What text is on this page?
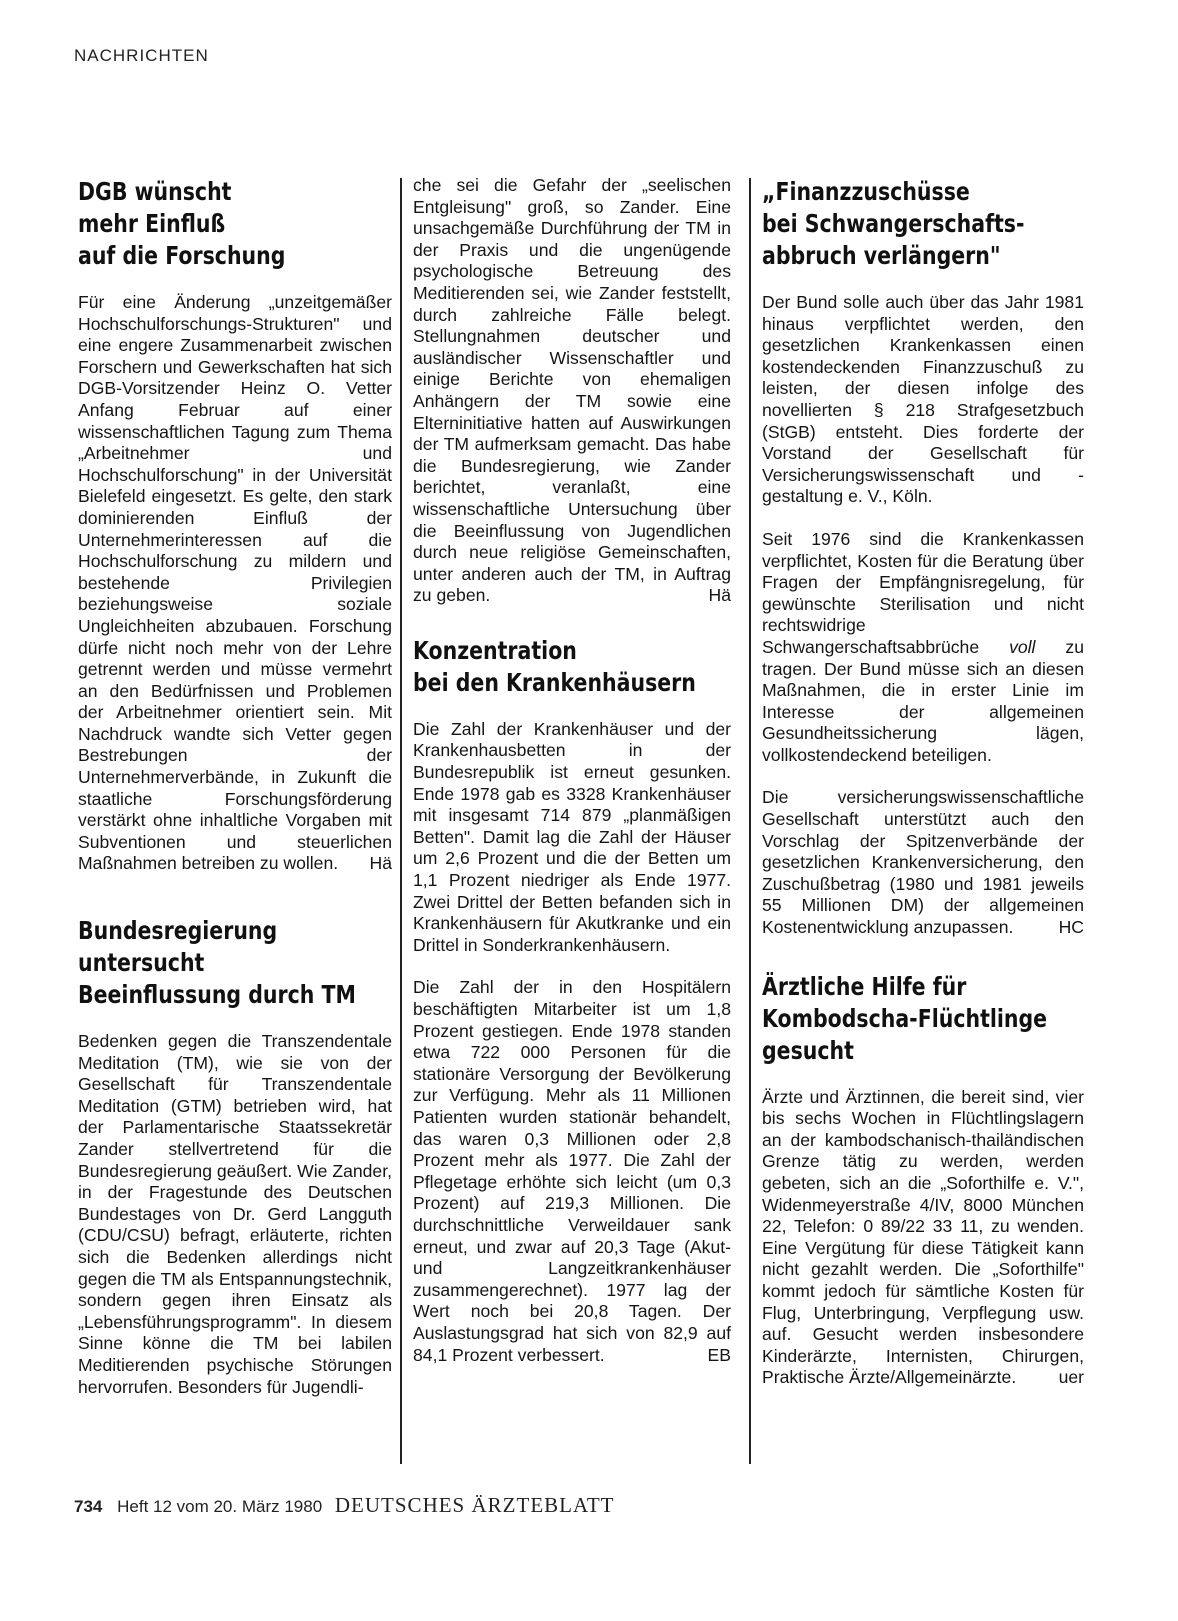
NACHRICHTEN
DGB wünscht
mehr Einfluß
auf die Forschung

Für eine Änderung „unzeitgemäßer Hochschulforschungs-Strukturen" und eine engere Zusammenarbeit zwischen Forschern und Gewerkschaften hat sich DGB-Vorsitzender Heinz O. Vetter Anfang Februar auf einer wissenschaftlichen Tagung zum Thema „Arbeitnehmer und Hochschulforschung" in der Universität Bielefeld eingesetzt. Es gelte, den stark dominierenden Einfluß der Unternehmerinteressen auf die Hochschulforschung zu mildern und bestehende Privilegien beziehungsweise soziale Ungleichheiten abzubauen. Forschung dürfe nicht noch mehr von der Lehre getrennt werden und müsse vermehrt an den Bedürfnissen und Problemen der Arbeitnehmer orientiert sein. Mit Nachdruck wandte sich Vetter gegen Bestrebungen der Unternehmerverbände, in Zukunft die staatliche Forschungsförderung verstärkt ohne inhaltliche Vorgaben mit Subventionen und steuerlichen Maßnahmen betreiben zu wollen.	Hä

Bundesregierung
untersucht
Beeinflussung durch TM

Bedenken gegen die Transzendentale Meditation (TM), wie sie von der Gesellschaft für Transzendentale Meditation (GTM) betrieben wird, hat der Parlamentarische Staatssekretär Zander stellvertretend für die Bundesregierung geäußert. Wie Zander, in der Fragestunde des Deutschen Bundestages von Dr. Gerd Langguth (CDU/CSU) befragt, erläuterte, richten sich die Bedenken allerdings nicht gegen die TM als Entspannungstechnik, sondern gegen ihren Einsatz als „Lebensführungsprogramm". In diesem Sinne könne die TM bei labilen Meditierenden psychische Störungen hervorrufen. Besonders für Jugendli-

che sei die Gefahr der „seelischen Entgleisung" groß, so Zander. Eine unsachgemäße Durchführung der TM in der Praxis und die ungenügende psychologische Betreuung des Meditierenden sei, wie Zander feststellt, durch zahlreiche Fälle belegt. Stellungnahmen deutscher und ausländischer Wissenschaftler und einige Berichte von ehemaligen Anhängern der TM sowie eine Elterninitiative hatten auf Auswirkungen der TM aufmerksam gemacht. Das habe die Bundesregierung, wie Zander berichtet, veranlaßt, eine wissenschaftliche Untersuchung über die Beeinflussung von Jugendlichen durch neue religiöse Gemeinschaften, unter anderen auch der TM, in Auftrag zu geben.	Hä

Konzentration
bei den Krankenhäusern

Die Zahl der Krankenhäuser und der Krankenhausbetten in der Bundesrepublik ist erneut gesunken. Ende 1978 gab es 3328 Krankenhäuser mit insgesamt 714 879 „planmäßigen Betten". Damit lag die Zahl der Häuser um 2,6 Prozent und die der Betten um 1,1 Prozent niedriger als Ende 1977. Zwei Drittel der Betten befanden sich in Krankenhäusern für Akutkranke und ein Drittel in Sonderkrankenhäusern.

Die Zahl der in den Hospitälern beschäftigten Mitarbeiter ist um 1,8 Prozent gestiegen. Ende 1978 standen etwa 722 000 Personen für die stationäre Versorgung der Bevölkerung zur Verfügung. Mehr als 11 Millionen Patienten wurden stationär behandelt, das waren 0,3 Millionen oder 2,8 Prozent mehr als 1977. Die Zahl der Pflegetage erhöhte sich leicht (um 0,3 Prozent) auf 219,3 Millionen. Die durchschnittliche Verweildauer sank erneut, und zwar auf 20,3 Tage (Akut- und Langzeitkrankenhäuser zusammengerechnet). 1977 lag der Wert noch bei 20,8 Tagen. Der Auslastungsgrad hat sich von 82,9 auf 84,1 Prozent verbessert.	EB

„Finanzzuschüsse
bei Schwangerschafts-
abbruch verlängern"

Der Bund solle auch über das Jahr 1981 hinaus verpflichtet werden, den gesetzlichen Krankenkassen einen kostendeckenden Finanzzuschuß zu leisten, der diesen infolge des novellierten § 218 Strafgesetzbuch (StGB) entsteht. Dies forderte der Vorstand der Gesellschaft für Versicherungswissenschaft und -gestaltung e. V., Köln.

Seit 1976 sind die Krankenkassen verpflichtet, Kosten für die Beratung über Fragen der Empfängnisregelung, für gewünschte Sterilisation und nicht rechtswidrige Schwangerschaftsabbrüche voll zu tragen. Der Bund müsse sich an diesen Maßnahmen, die in erster Linie im Interesse der allgemeinen Gesundheitssicherung lägen, vollkostendeckend beteiligen.

Die versicherungswissenschaftliche Gesellschaft unterstützt auch den Vorschlag der Spitzenverbände der gesetzlichen Krankenversicherung, den Zuschußbetrag (1980 und 1981 jeweils 55 Millionen DM) der allgemeinen Kostenentwicklung anzupassen.	HC

Ärztliche Hilfe für
Kombodscha-Flüchtlinge
gesucht

Ärzte und Ärztinnen, die bereit sind, vier bis sechs Wochen in Flüchtlingslagern an der kambodschanisch-thailändischen Grenze tätig zu werden, werden gebeten, sich an die „Soforthilfe e. V.", Widenmeyerstraße 4/IV, 8000 München 22, Telefon: 0 89/22 33 11, zu wenden. Eine Vergütung für diese Tätigkeit kann nicht gezahlt werden. Die „Soforthilfe" kommt jedoch für sämtliche Kosten für Flug, Unterbringung, Verpflegung usw. auf. Gesucht werden insbesondere Kinderärzte, Internisten, Chirurgen, Praktische Ärzte/Allgemeinärzte.	uer

734 Heft 12 vom 20. März 1980 DEUTSCHES ÄRZTEBLATT
